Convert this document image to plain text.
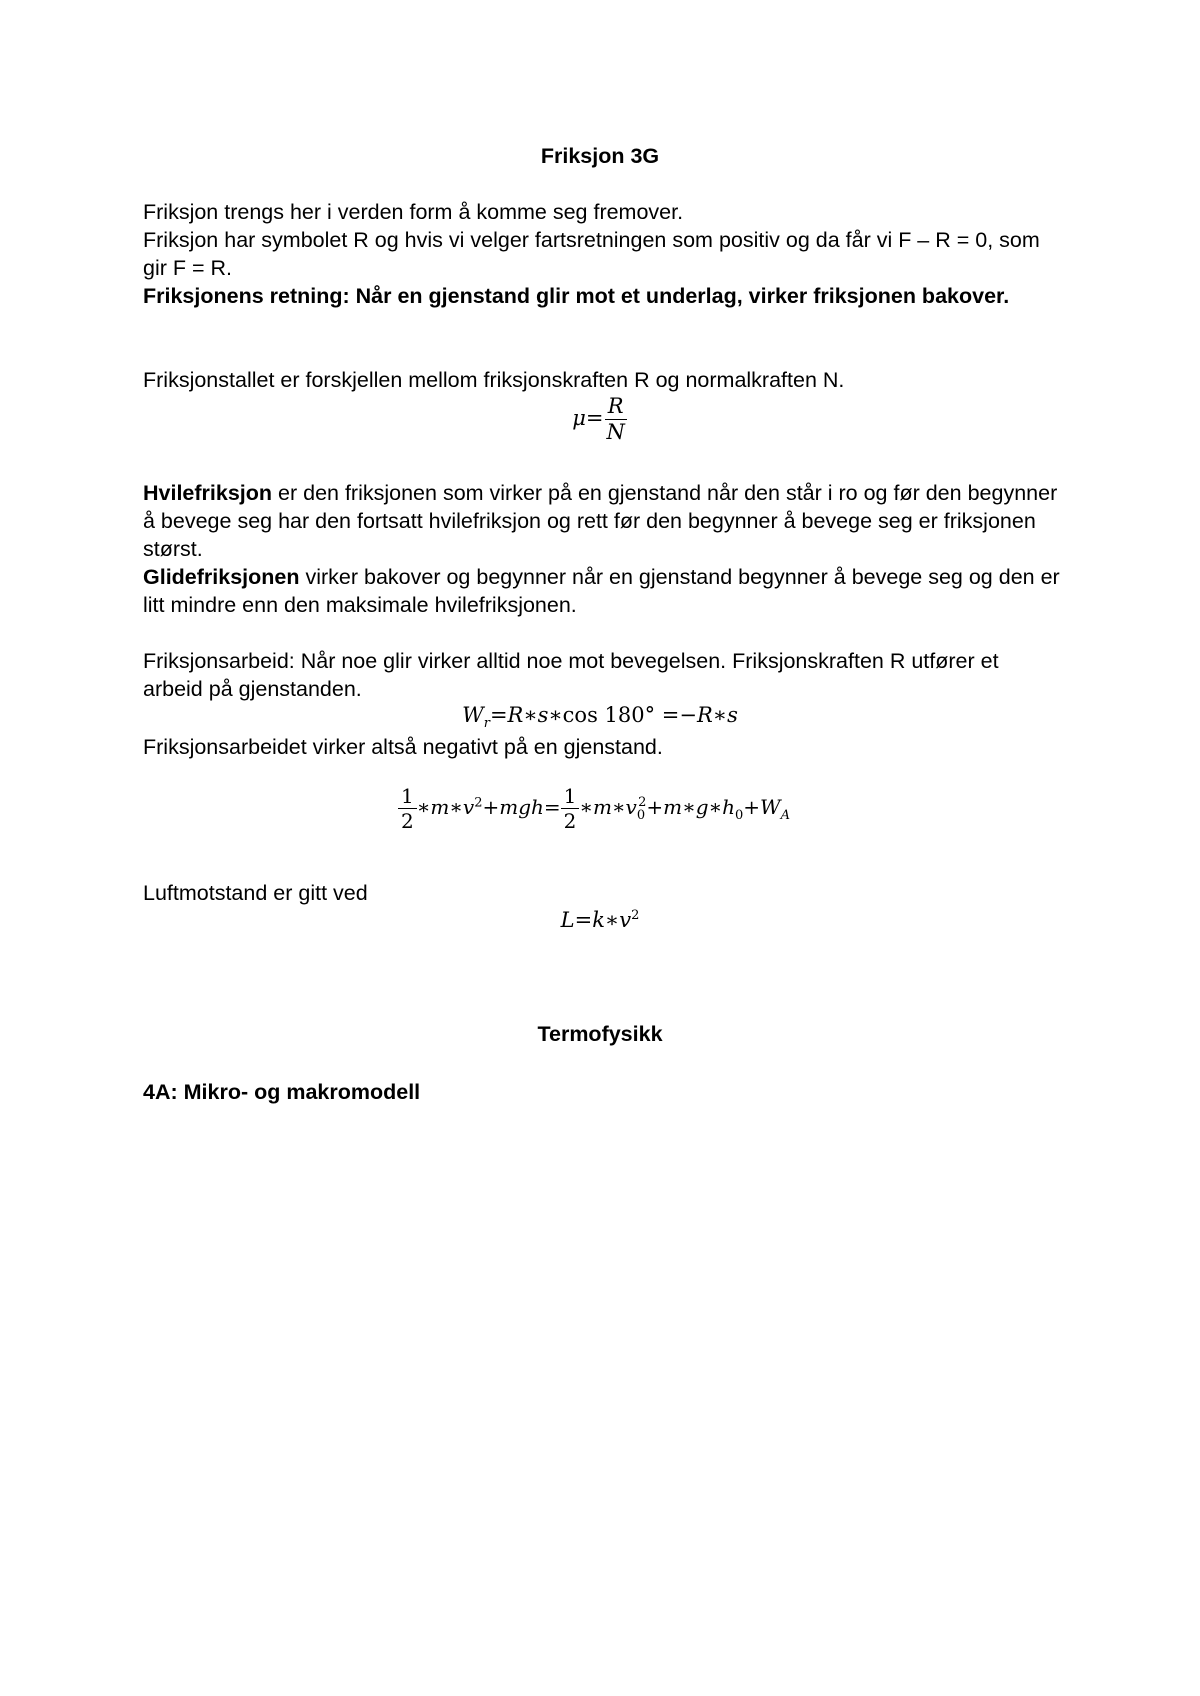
Friksjon 3G
Friksjon trengs her i verden form å komme seg fremover.
Friksjon har symbolet R og hvis vi velger fartsretningen som positiv og da får vi F – R = 0, som gir F = R.
Friksjonens retning: Når en gjenstand glir mot et underlag, virker friksjonen bakover.
Friksjonstallet er forskjellen mellom friksjonskraften R og normalkraften N.
$\mu= \frac{R}{N}$
Hvilefriksjon er den friksjonen som virker på en gjenstand når den står i ro og før den begynner å bevege seg har den fortsatt hvilefriksjon og rett før den begynner å bevege seg er friksjonen størst.
Glidefriksjonen virker bakover og begynner når en gjenstand begynner å bevege seg og den er litt mindre enn den maksimale hvilefriksjonen.
Friksjonsarbeid: Når noe glir virker alltid noe mot bevegelsen. Friksjonskraften R utfører et arbeid på gjenstanden.
$W_r=R∗s∗\cos$ 180° =−R∗s
Friksjonsarbeidet virker altså negativt på en gjenstand.
$\frac{1}{2}$ $∗m∗v^2+mgh= \frac{1}{2}$ $∗m∗v_0^2+m∗g∗h_0+W_A$
Luftmotstand er gitt ved
$L=k∗v^2$
Termofysikk
4A: Mikro- og makromodell
